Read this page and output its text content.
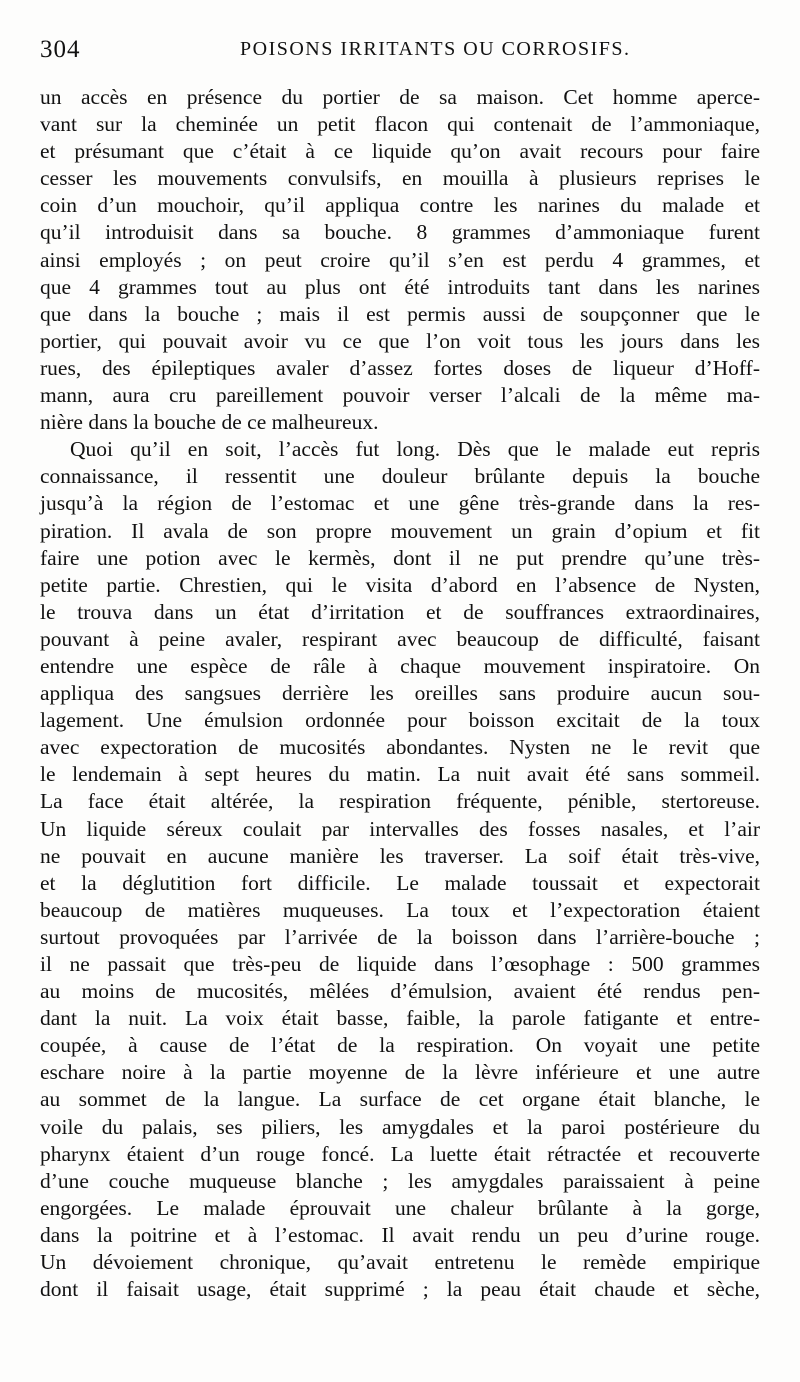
304	POISONS IRRITANTS OU CORROSIFS.
un accès en présence du portier de sa maison. Cet homme aperce-
vant sur la cheminée un petit flacon qui contenait de l’ammoniaque,
et présumant que c’était à ce liquide qu’on avait recours pour faire
cesser les mouvements convulsifs, en mouilla à plusieurs reprises le
coin d’un mouchoir, qu’il appliqua contre les narines du malade et
qu’il introduisit dans sa bouche. 8 grammes d’ammoniaque furent
ainsi employés ; on peut croire qu’il s’en est perdu 4 grammes, et
que 4 grammes tout au plus ont été introduits tant dans les narines
que dans la bouche ; mais il est permis aussi de soupçonner que le
portier, qui pouvait avoir vu ce que l’on voit tous les jours dans les
rues, des épileptiques avaler d’assez fortes doses de liqueur d’Hoff-
mann, aura cru pareillement pouvoir verser l’alcali de la même ma-
nière dans la bouche de ce malheureux.
Quoi qu’il en soit, l’accès fut long. Dès que le malade eut repris
connaissance, il ressentit une douleur brûlante depuis la bouche
jusqu’à la région de l’estomac et une gêne très-grande dans la res-
piration. Il avala de son propre mouvement un grain d’opium et fit
faire une potion avec le kermès, dont il ne put prendre qu’une très-
petite partie. Chrestien, qui le visita d’abord en l’absence de Nysten,
le trouva dans un état d’irritation et de souffrances extraordinaires,
pouvant à peine avaler, respirant avec beaucoup de difficulté, faisant
entendre une espèce de râle à chaque mouvement inspiratoire. On
appliqua des sangsues derrière les oreilles sans produire aucun sou-
lagement. Une émulsion ordonnée pour boisson excitait de la toux
avec expectoration de mucosités abondantes. Nysten ne le revit que
le lendemain à sept heures du matin. La nuit avait été sans sommeil.
La face était altérée, la respiration fréquente, pénible, stertoreuse.
Un liquide séreux coulait par intervalles des fosses nasales, et l’air
ne pouvait en aucune manière les traverser. La soif était très-vive,
et la déglutition fort difficile. Le malade toussait et expectorait
beaucoup de matières muqueuses. La toux et l’expectoration étaient
surtout provoquées par l’arrivée de la boisson dans l’arrière-bouche ;
il ne passait que très-peu de liquide dans l’œsophage : 500 grammes
au moins de mucosités, mêlées d’émulsion, avaient été rendus pen-
dant la nuit. La voix était basse, faible, la parole fatigante et entre-
coupée, à cause de l’état de la respiration. On voyait une petite
eschare noire à la partie moyenne de la lèvre inférieure et une autre
au sommet de la langue. La surface de cet organe était blanche, le
voile du palais, ses piliers, les amygdales et la paroi postérieure du
pharynx étaient d’un rouge foncé. La luette était rétractée et recouverte
d’une couche muqueuse blanche ; les amygdales paraissaient à peine
engorgées. Le malade éprouvait une chaleur brûlante à la gorge,
dans la poitrine et à l’estomac. Il avait rendu un peu d’urine rouge.
Un dévoiement chronique, qu’avait entretenu le remède empirique
dont il faisait usage, était supprimé ; la peau était chaude et sèche,
